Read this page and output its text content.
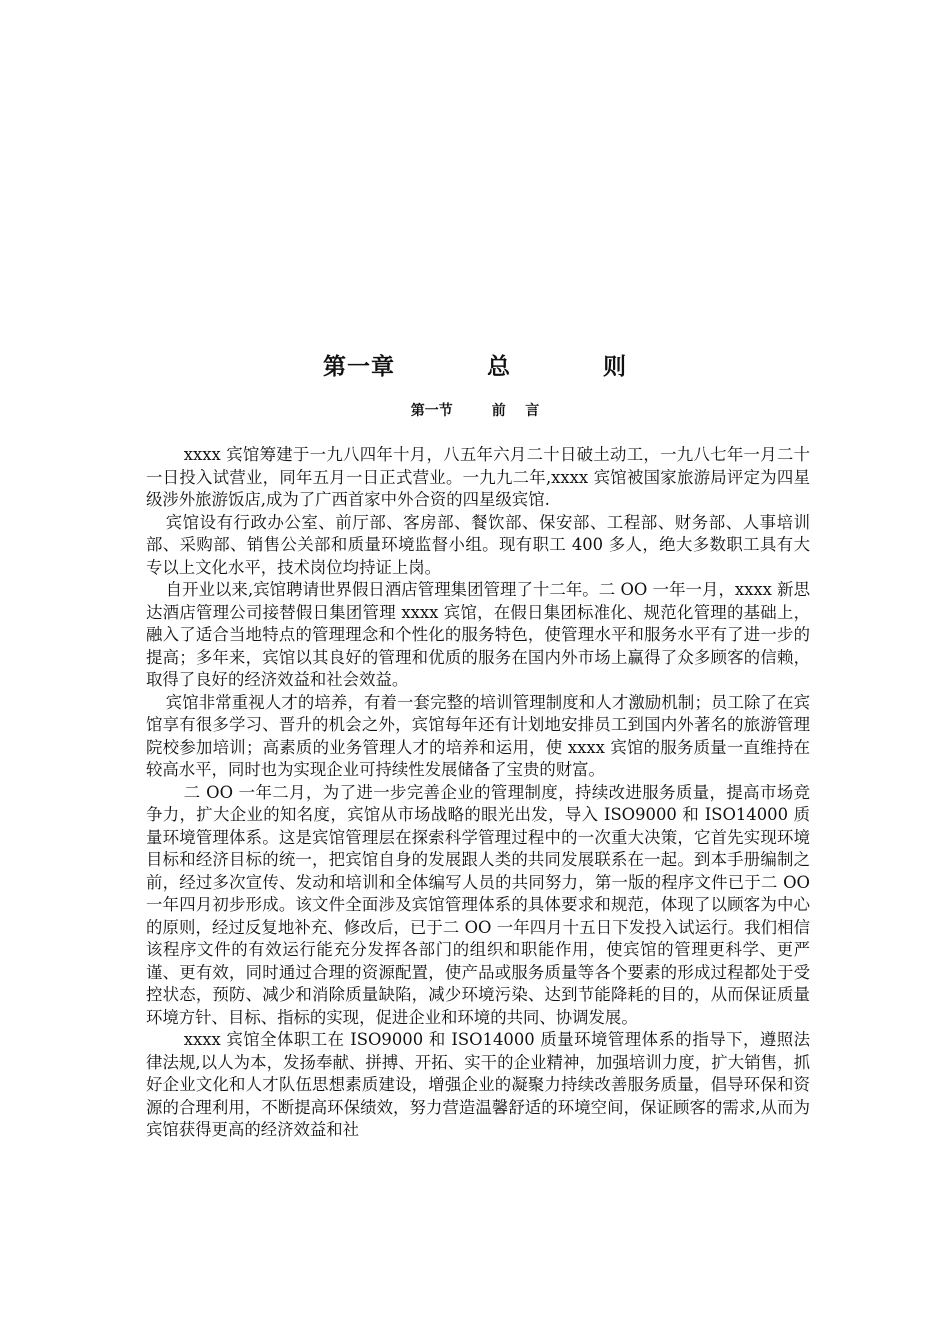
第一章    总    则
第一节        前    言

xxxx 宾馆筹建于一九八四年十月，八五年六月二十日破土动工，一九八七年一月二十一日投入试营业，同年五月一日正式营业。一九九二年,xxxx 宾馆被国家旅游局评定为四星级涉外旅游饭店,成为了广西首家中外合资的四星级宾馆.

宾馆设有行政办公室、前厅部、客房部、餐饮部、保安部、工程部、财务部、人事培训部、采购部、销售公关部和质量环境监督小组。现有职工 400 多人，绝大多数职工具有大专以上文化水平，技术岗位均持证上岗。

自开业以来,宾馆聘请世界假日酒店管理集团管理了十二年。二 OO 一年一月，xxxx 新思达酒店管理公司接替假日集团管理 xxxx 宾馆，在假日集团标准化、规范化管理的基础上，融入了适合当地特点的管理理念和个性化的服务特色，使管理水平和服务水平有了进一步的提高；多年来，宾馆以其良好的管理和优质的服务在国内外市场上赢得了众多顾客的信赖，取得了良好的经济效益和社会效益。

宾馆非常重视人才的培养，有着一套完整的培训管理制度和人才激励机制；员工除了在宾馆享有很多学习、晋升的机会之外，宾馆每年还有计划地安排员工到国内外著名的旅游管理院校参加培训；高素质的业务管理人才的培养和运用，使 xxxx 宾馆的服务质量一直维持在较高水平，同时也为实现企业可持续性发展储备了宝贵的财富。

二 OO 一年二月，为了进一步完善企业的管理制度，持续改进服务质量，提高市场竞争力，扩大企业的知名度，宾馆从市场战略的眼光出发，导入 ISO9000 和 ISO14000 质量环境管理体系。这是宾馆管理层在探索科学管理过程中的一次重大决策，它首先实现环境目标和经济目标的统一，把宾馆自身的发展跟人类的共同发展联系在一起。到本手册编制之前，经过多次宣传、发动和培训和全体编写人员的共同努力，第一版的程序文件已于二 OO 一年四月初步形成。该文件全面涉及宾馆管理体系的具体要求和规范，体现了以顾客为中心的原则，经过反复地补充、修改后，已于二 OO 一年四月十五日下发投入试运行。我们相信该程序文件的有效运行能充分发挥各部门的组织和职能作用，使宾馆的管理更科学、更严谨、更有效，同时通过合理的资源配置，使产品或服务质量等各个要素的形成过程都处于受控状态，预防、减少和消除质量缺陷，减少环境污染、达到节能降耗的目的，从而保证质量环境方针、目标、指标的实现，促进企业和环境的共同、协调发展。

xxxx 宾馆全体职工在 ISO9000 和 ISO14000 质量环境管理体系的指导下，遵照法律法规,以人为本，发扬奉献、拼搏、开拓、实干的企业精神，加强培训力度，扩大销售，抓好企业文化和人才队伍思想素质建设，增强企业的凝聚力持续改善服务质量，倡导环保和资源的合理利用，不断提高环保绩效，努力营造温馨舒适的环境空间，保证顾客的需求,从而为宾馆获得更高的经济效益和社
